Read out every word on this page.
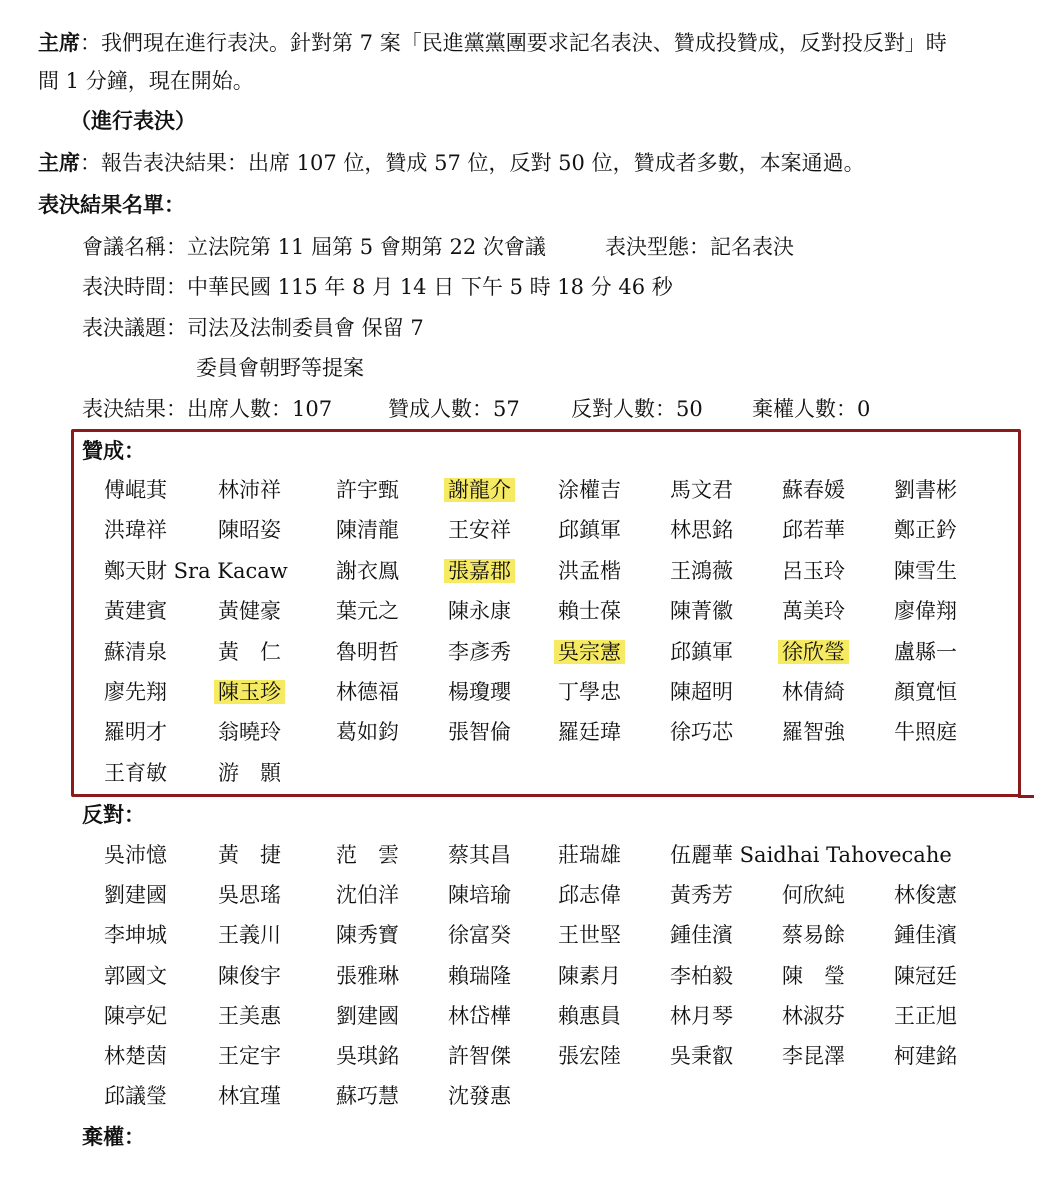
主席：我們現在進行表決。針對第 7 案「民進黨黨團要求記名表決、贊成投贊成，反對投反對」時
間 1 分鐘，現在開始。
（進行表決）
主席：報告表決結果：出席 107 位，贊成 57 位，反對 50 位，贊成者多數，本案通過。
表決結果名單：
會議名稱：立法院第 11 屆第 5 會期第 22 次會議	表決型態：記名表決
表決時間：中華民國 115 年 8 月 14 日 下午 5 時 18 分 46 秒
表決議題：司法及法制委員會 保留 7
委員會朝野等提案
表決結果：出席人數：107	贊成人數：57 反對人數：50 棄權人數：0
贊成：
反對：
棄權：
傅崐萁 林沛祥	許宇甄 謝龍介 涂權吉 馬文君 蘇春媛 劉書彬
洪瑋祥 陳昭姿	陳清龍 王安祥 邱鎮軍 林思銘 邱若華 鄭正鈐
鄭天財 Sra Kacaw 謝衣鳯 張嘉郡 洪孟楷 王鴻薇 呂玉玲 陳雪生
黃建賓 黃健豪	葉元之 陳永康 賴士葆 陳菁徽 萬美玲 廖偉翔
蘇清泉 黃　仁	魯明哲 李彥秀 吳宗憲 邱鎮軍 徐欣瑩 盧縣一
廖先翔 陳玉珍	林德福 楊瓊瓔 丁學忠 陳超明 林倩綺 顏寬恒
羅明才 翁曉玲	葛如鈞 張智倫 羅廷瑋 徐巧芯 羅智強 牛照庭
王育敏 游　顥
吳沛憶 黃　捷	范　雲 蔡其昌 莊瑞雄 伍麗華 Saidhai Tahovecahe
劉建國 吳思瑤	沈伯洋 陳培瑜 邱志偉 黃秀芳 何欣純 林俊憲
李坤城 王義川	陳秀寶 徐富癸 王世堅 鍾佳濱 蔡易餘 鍾佳濱
郭國文 陳俊宇	張雅琳 賴瑞隆 陳素月 李柏毅 陳　瑩 陳冠廷
陳亭妃 王美惠	劉建國 林岱樺 賴惠員 林月琴 林淑芬 王正旭
林楚茵 王定宇	吳琪銘 許智傑 張宏陸 吳秉叡 李昆澤 柯建銘
邱議瑩 林宜瑾	蘇巧慧 沈發惠
